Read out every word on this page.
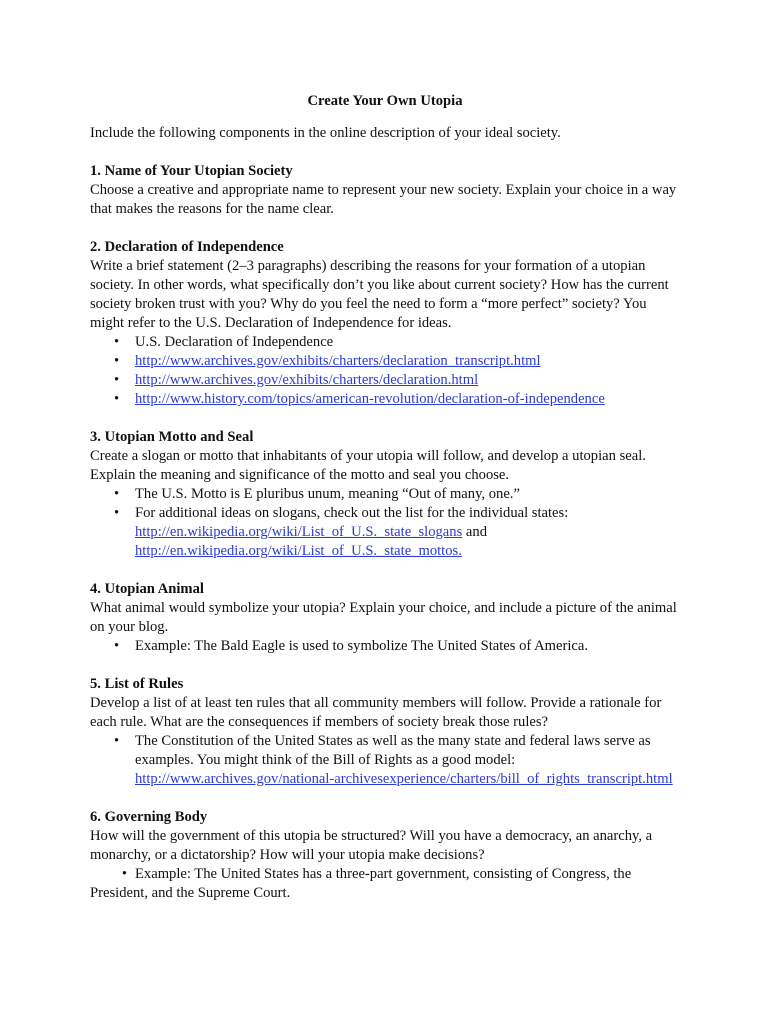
Create Your Own Utopia

Include the following components in the online description of your ideal society.

1. Name of Your Utopian Society

Choose a creative and appropriate name to represent your new society. Explain your choice in a way that makes the reasons for the name clear.

2. Declaration of Independence

Write a brief statement (2–3 paragraphs) describing the reasons for your formation of a utopian society. In other words, what specifically don’t you like about current society? How has the current society broken trust with you? Why do you feel the need to form a “more perfect” society? You might refer to the U.S. Declaration of Independence for ideas.

• U.S. Declaration of Independence
• http://www.archives.gov/exhibits/charters/declaration_transcript.html
• http://www.archives.gov/exhibits/charters/declaration.html
• http://www.history.com/topics/american-revolution/declaration-of-independence

3. Utopian Motto and Seal

Create a slogan or motto that inhabitants of your utopia will follow, and develop a utopian seal. Explain the meaning and significance of the motto and seal you choose.

• The U.S. Motto is E pluribus unum, meaning “Out of many, one.”
• For additional ideas on slogans, check out the list for the individual states:
http://en.wikipedia.org/wiki/List_of_U.S._state_slogans and
http://en.wikipedia.org/wiki/List_of_U.S._state_mottos.

4. Utopian Animal

What animal would symbolize your utopia? Explain your choice, and include a picture of the animal on your blog.

• Example: The Bald Eagle is used to symbolize The United States of America.

5. List of Rules

Develop a list of at least ten rules that all community members will follow. Provide a rationale for each rule. What are the consequences if members of society break those rules?

• The Constitution of the United States as well as the many state and federal laws serve as examples. You might think of the Bill of Rights as a good model:
http://www.archives.gov/national-archivesexperience/charters/bill_of_rights_transcript.html

6. Governing Body

How will the government of this utopia be structured? Will you have a democracy, an anarchy, a monarchy, or a dictatorship? How will your utopia make decisions?

• Example: The United States has a three-part government, consisting of Congress, the President, and the Supreme Court.
